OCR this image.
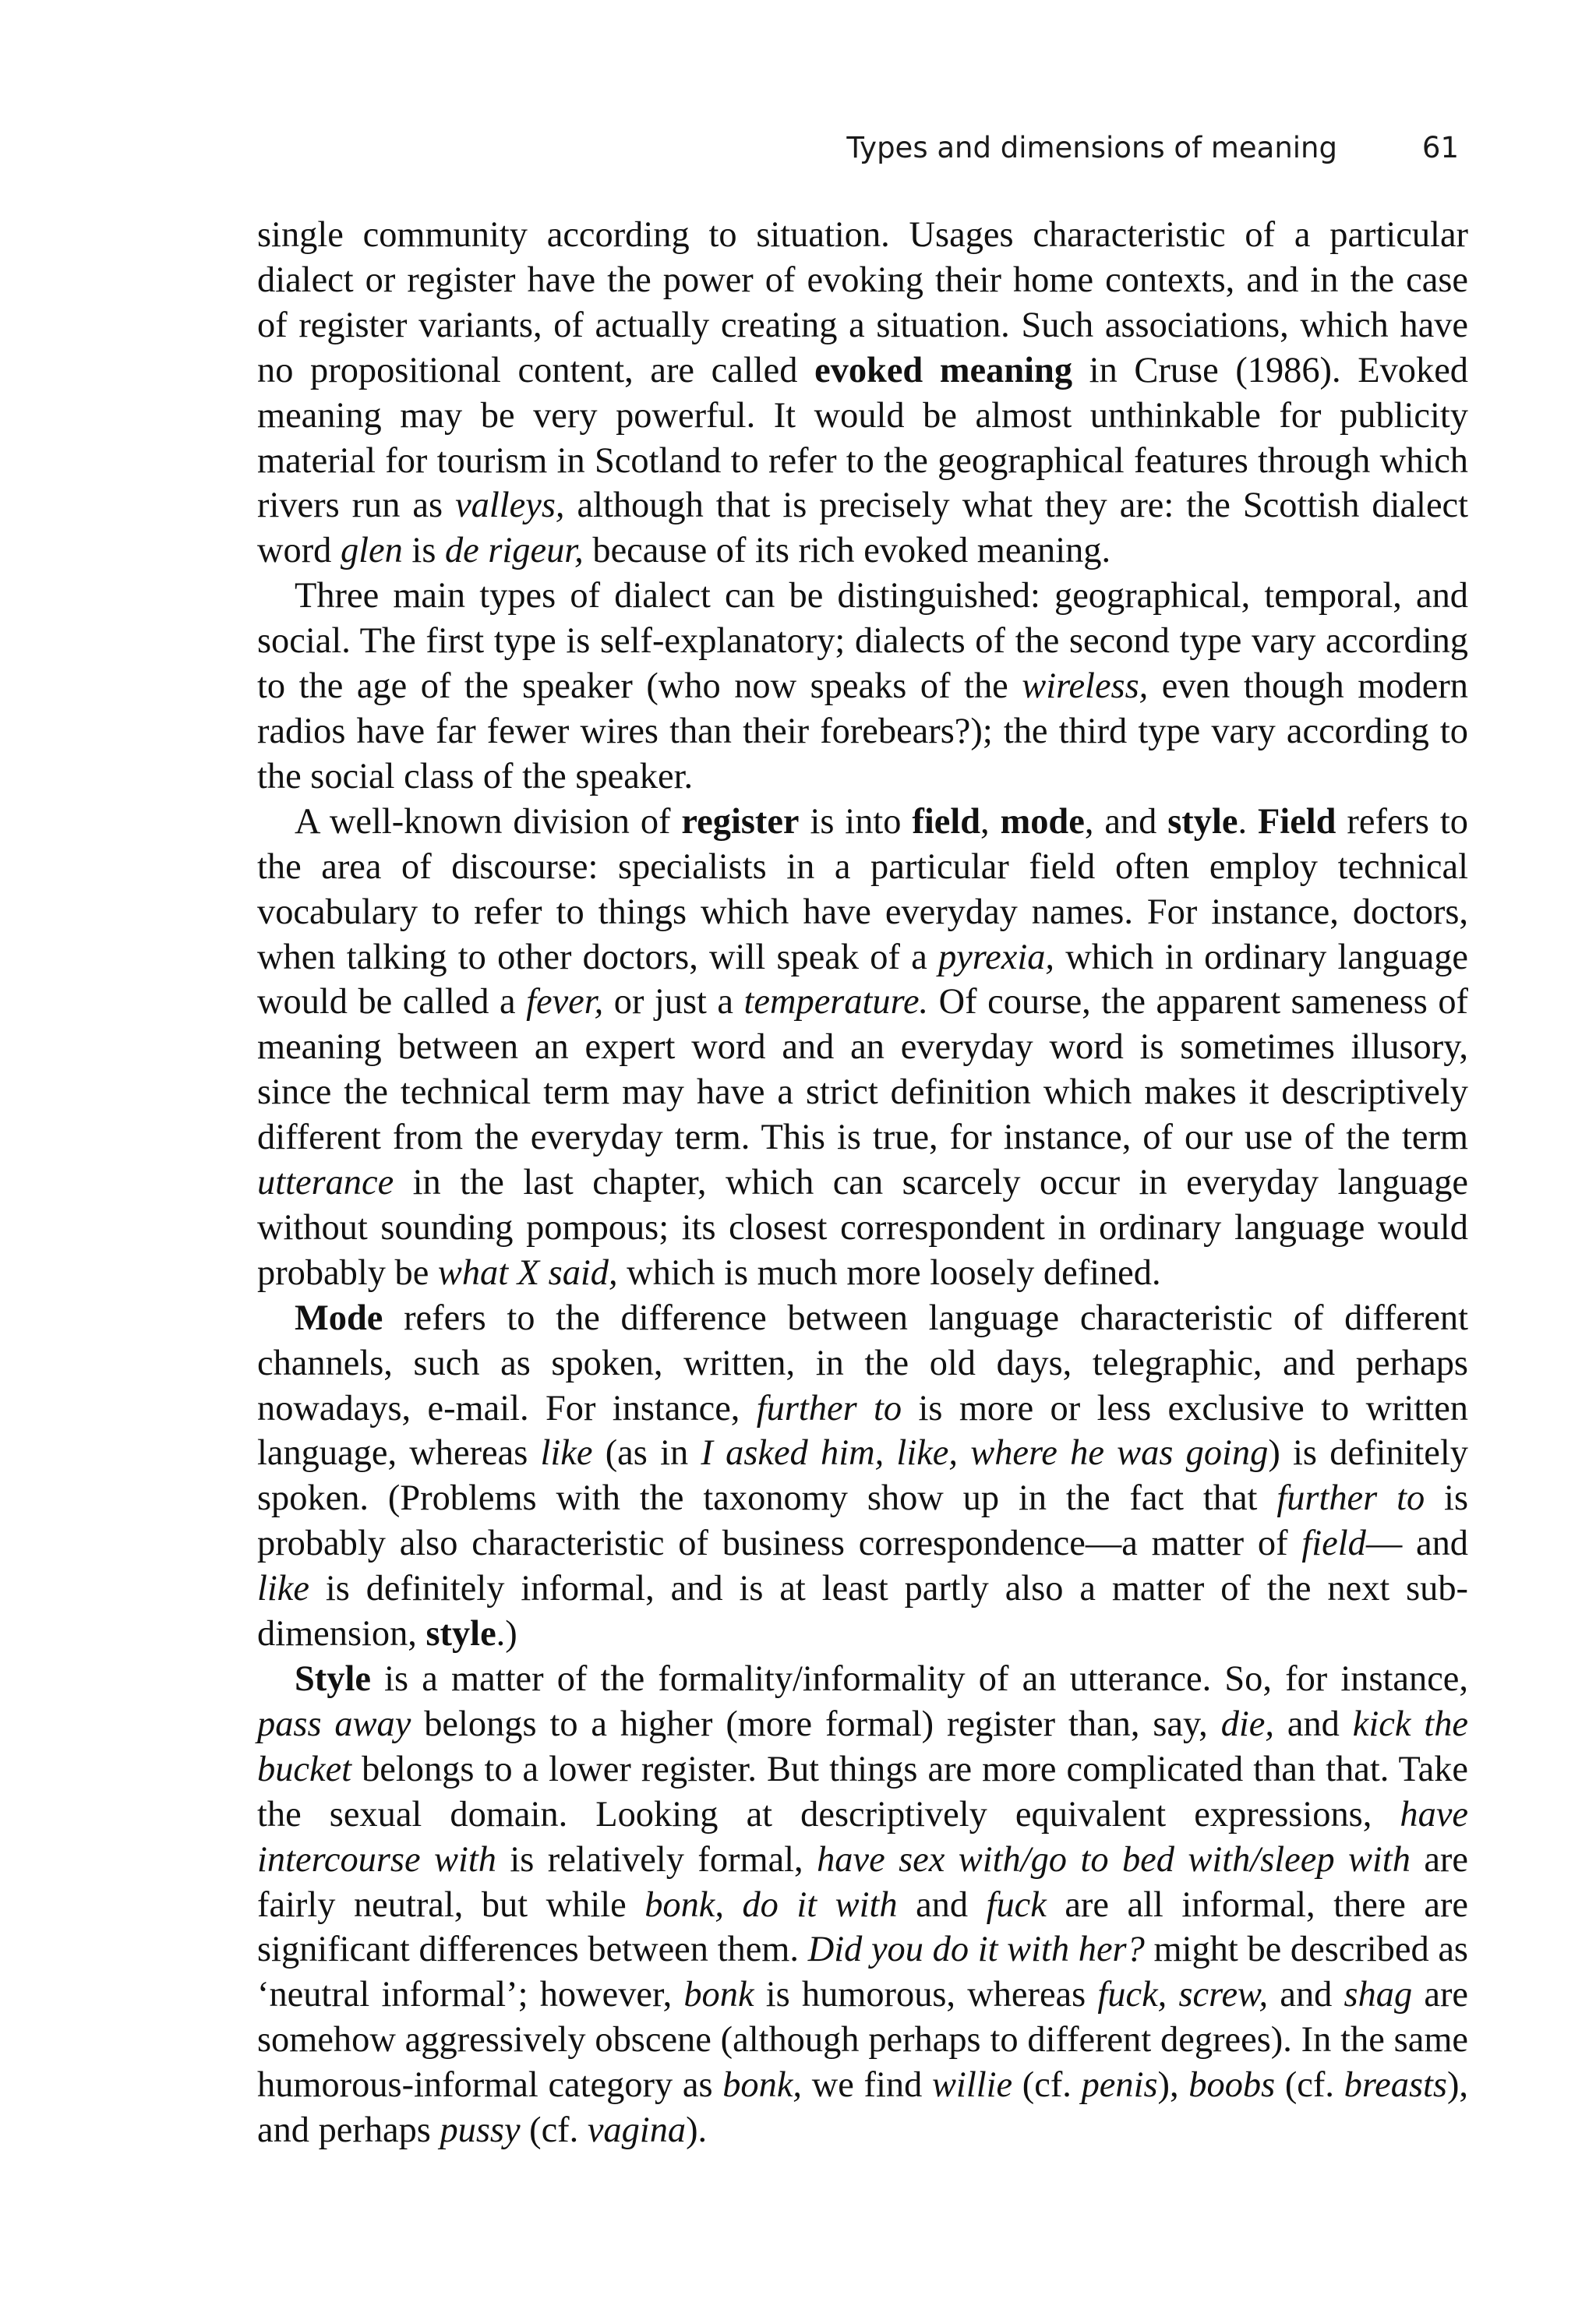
Types and dimensions of meaning	61

single community according to situation. Usages characteristic of a particular dialect or register have the power of evoking their home contexts, and in the case of register variants, of actually creating a situation. Such associations, which have no propositional content, are called evoked meaning in Cruse (1986). Evoked meaning may be very powerful. It would be almost unthinkable for publicity material for tourism in Scotland to refer to the geographical features through which rivers run as valleys, although that is precisely what they are: the Scottish dialect word glen is de rigeur, because of its rich evoked meaning.

Three main types of dialect can be distinguished: geographical, temporal, and social. The first type is self-explanatory; dialects of the second type vary according to the age of the speaker (who now speaks of the wireless, even though modern radios have far fewer wires than their forebears?); the third type vary according to the social class of the speaker.

A well-known division of register is into field, mode, and style. Field refers to the area of discourse: specialists in a particular field often employ technical vocabulary to refer to things which have everyday names. For instance, doctors, when talking to other doctors, will speak of a pyrexia, which in ordinary language would be called a fever, or just a temperature. Of course, the apparent sameness of meaning between an expert word and an everyday word is sometimes illusory, since the technical term may have a strict definition which makes it descriptively different from the everyday term. This is true, for instance, of our use of the term utterance in the last chapter, which can scarcely occur in everyday language without sounding pompous; its closest correspondent in ordinary language would probably be what X said, which is much more loosely defined.

Mode refers to the difference between language characteristic of different channels, such as spoken, written, in the old days, telegraphic, and perhaps nowadays, e-mail. For instance, further to is more or less exclusive to written language, whereas like (as in I asked him, like, where he was going) is definitely spoken. (Problems with the taxonomy show up in the fact that further to is probably also characteristic of business correspondence—a matter of field— and like is definitely informal, and is at least partly also a matter of the next sub-dimension, style.)

Style is a matter of the formality/informality of an utterance. So, for instance, pass away belongs to a higher (more formal) register than, say, die, and kick the bucket belongs to a lower register. But things are more complicated than that. Take the sexual domain. Looking at descriptively equivalent expressions, have intercourse with is relatively formal, have sex with/go to bed with/sleep with are fairly neutral, but while bonk, do it with and fuck are all informal, there are significant differences between them. Did you do it with her? might be described as ‘neutral informal’; however, bonk is humorous, whereas fuck, screw, and shag are somehow aggressively obscene (although perhaps to different degrees). In the same humorous-informal category as bonk, we find willie (cf. penis), boobs (cf. breasts), and perhaps pussy (cf. vagina).
